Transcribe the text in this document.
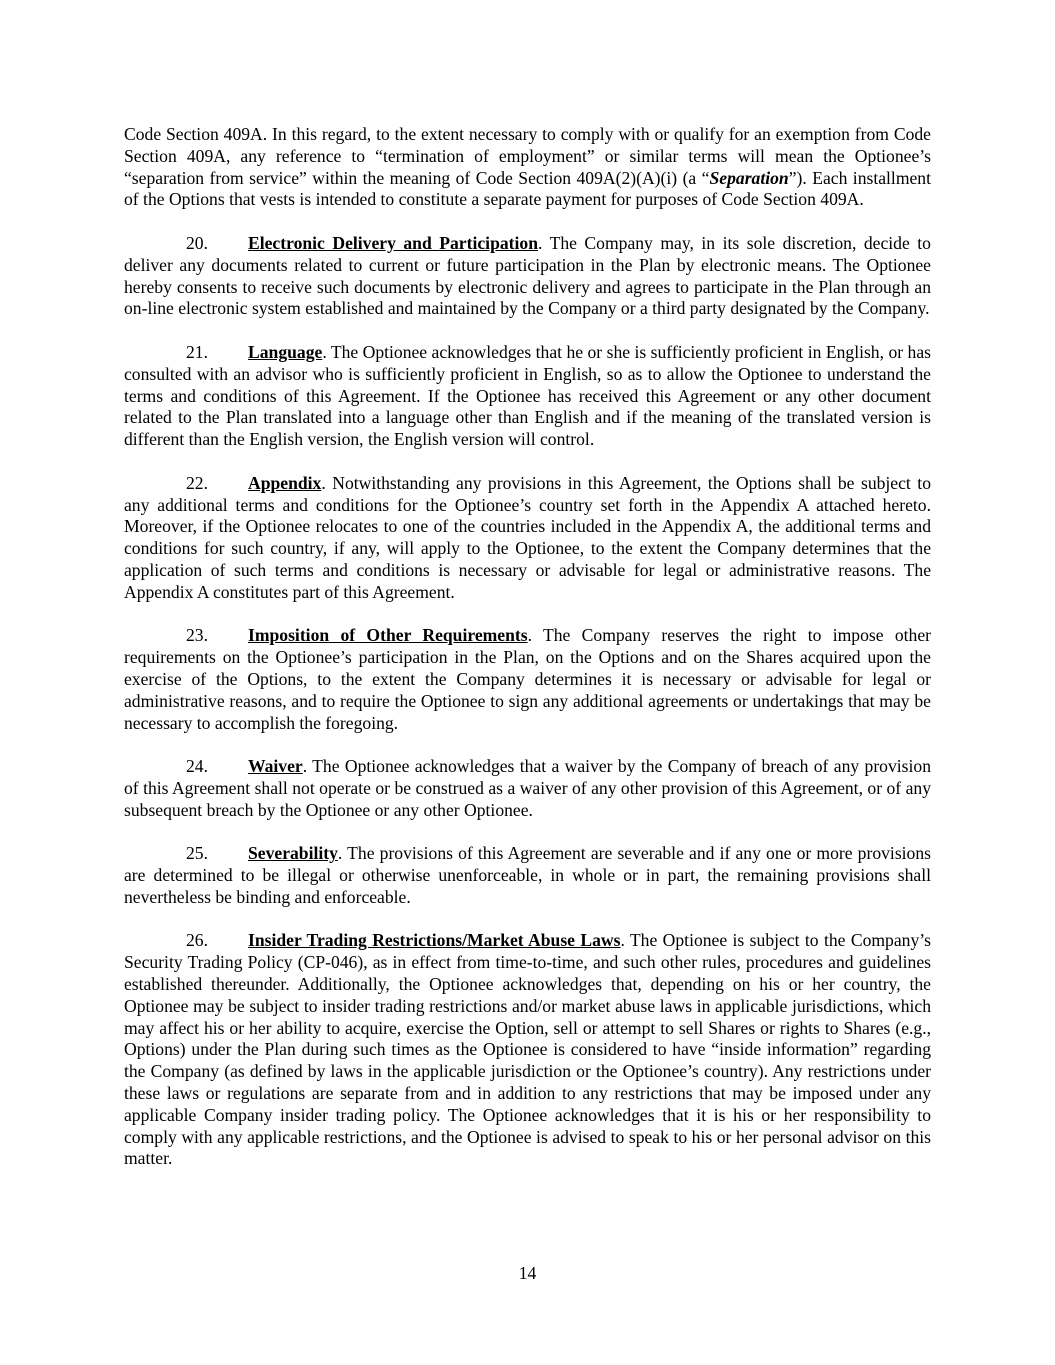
Code Section 409A. In this regard, to the extent necessary to comply with or qualify for an exemption from Code Section 409A, any reference to “termination of employment” or similar terms will mean the Optionee’s “separation from service” within the meaning of Code Section 409A(2)(A)(i) (a “Separation”). Each installment of the Options that vests is intended to constitute a separate payment for purposes of Code Section 409A.

20. Electronic Delivery and Participation. The Company may, in its sole discretion, decide to deliver any documents related to current or future participation in the Plan by electronic means. The Optionee hereby consents to receive such documents by electronic delivery and agrees to participate in the Plan through an on-line electronic system established and maintained by the Company or a third party designated by the Company.

21. Language. The Optionee acknowledges that he or she is sufficiently proficient in English, or has consulted with an advisor who is sufficiently proficient in English, so as to allow the Optionee to understand the terms and conditions of this Agreement. If the Optionee has received this Agreement or any other document related to the Plan translated into a language other than English and if the meaning of the translated version is different than the English version, the English version will control.

22. Appendix. Notwithstanding any provisions in this Agreement, the Options shall be subject to any additional terms and conditions for the Optionee’s country set forth in the Appendix A attached hereto. Moreover, if the Optionee relocates to one of the countries included in the Appendix A, the additional terms and conditions for such country, if any, will apply to the Optionee, to the extent the Company determines that the application of such terms and conditions is necessary or advisable for legal or administrative reasons. The Appendix A constitutes part of this Agreement.

23. Imposition of Other Requirements. The Company reserves the right to impose other requirements on the Optionee’s participation in the Plan, on the Options and on the Shares acquired upon the exercise of the Options, to the extent the Company determines it is necessary or advisable for legal or administrative reasons, and to require the Optionee to sign any additional agreements or undertakings that may be necessary to accomplish the foregoing.

24. Waiver. The Optionee acknowledges that a waiver by the Company of breach of any provision of this Agreement shall not operate or be construed as a waiver of any other provision of this Agreement, or of any subsequent breach by the Optionee or any other Optionee.

25. Severability. The provisions of this Agreement are severable and if any one or more provisions are determined to be illegal or otherwise unenforceable, in whole or in part, the remaining provisions shall nevertheless be binding and enforceable.

26. Insider Trading Restrictions/Market Abuse Laws. The Optionee is subject to the Company’s Security Trading Policy (CP-046), as in effect from time-to-time, and such other rules, procedures and guidelines established thereunder. Additionally, the Optionee acknowledges that, depending on his or her country, the Optionee may be subject to insider trading restrictions and/or market abuse laws in applicable jurisdictions, which may affect his or her ability to acquire, exercise the Option, sell or attempt to sell Shares or rights to Shares (e.g., Options) under the Plan during such times as the Optionee is considered to have “inside information” regarding the Company (as defined by laws in the applicable jurisdiction or the Optionee’s country). Any restrictions under these laws or regulations are separate from and in addition to any restrictions that may be imposed under any applicable Company insider trading policy. The Optionee acknowledges that it is his or her responsibility to comply with any applicable restrictions, and the Optionee is advised to speak to his or her personal advisor on this matter.

14
